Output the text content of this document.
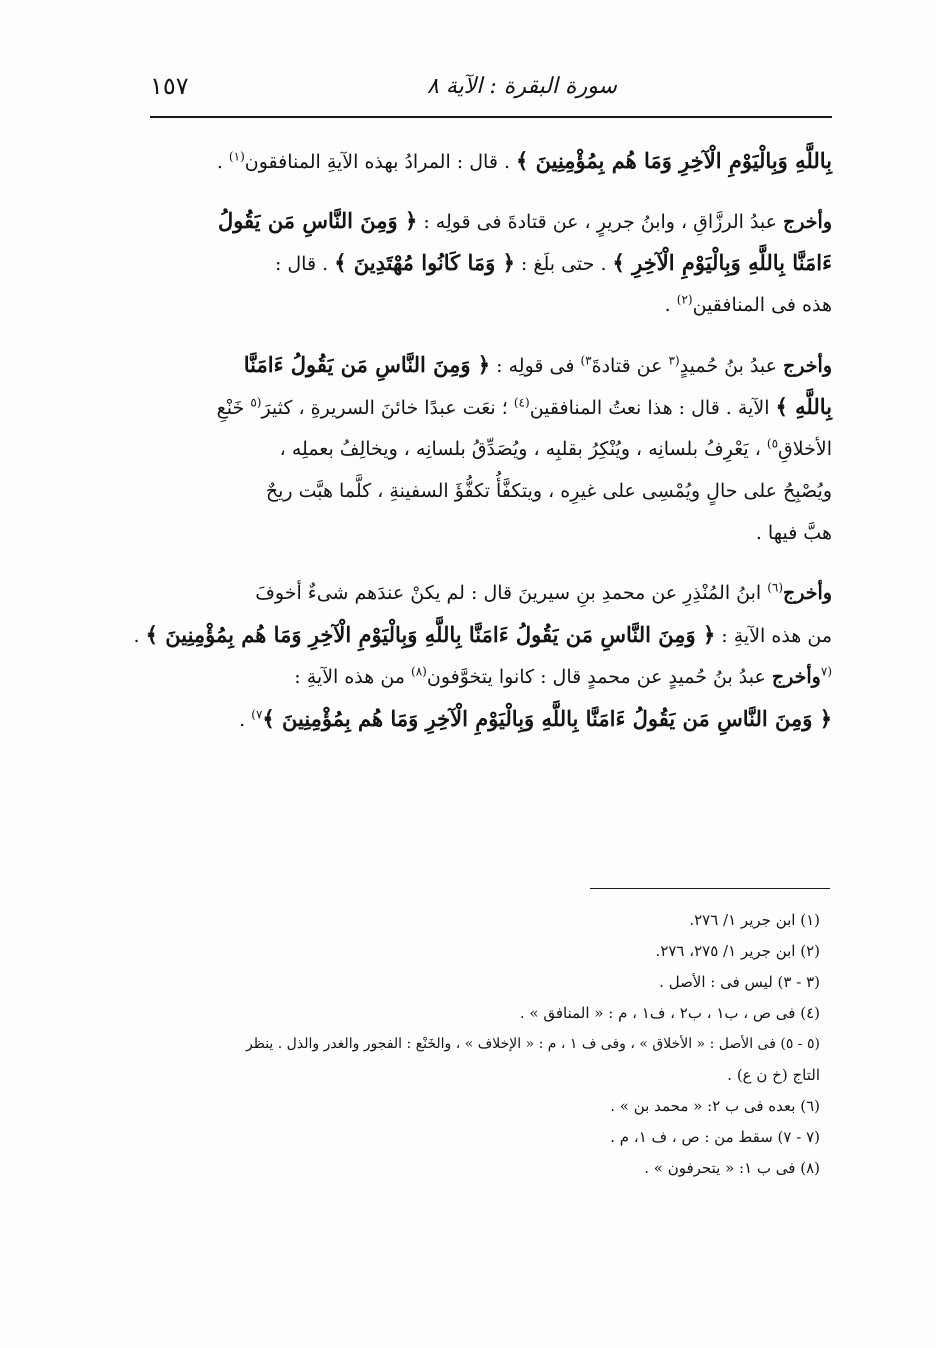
سورة البقرة : الآية ٨
١٥٧
بِاللَّهِ وَبِالْيَوْمِ الْآخِرِ وَمَا هُم بِمُؤْمِنِينَ ﴾ . قال : المرادُ بهذه الآيةِ المنافقون$^{(١)}$ .
وأخرج عبدُ الرزَّاقِ ، وابنُ جريرٍ ، عن قتادةَ فى قولِه : ﴿ وَمِنَ النَّاسِ مَن يَقُولُ
ءَامَنَّا بِاللَّهِ وَبِالْيَوْمِ الْآخِرِ ﴾ . حتى بلَغ : ﴿ وَمَا كَانُوا مُهْتَدِينَ ﴾ . قال :
هذه فى المنافقين$^{(٢)}$ .
وأخرج عبدُ بنُ حُميدٍ$^{(٣}$ عن قتادةَ$^{٣)}$ فى قولِه : ﴿ وَمِنَ النَّاسِ مَن يَقُولُ ءَامَنَّا
بِاللَّهِ ﴾ الآية . قال : هذا نعتُ المنافقين$^{(٤)}$ ؛ نعَت عبدًا خائنَ السريرةِ ، كثيرَ$^{(٥}$ خَنْعِ
الأخلاقِ$^{٥)}$ ، يَعْرِفُ بلسانِه ، ويُنْكِرُ بقلبِه ، ويُصَدِّقُ بلسانِه ، ويخالِفُ بعملِه ،
ويُصْبِحُ على حالٍ ويُمْسِى على غيرِه ، ويتكفَّأُ تكفُّؤَ السفينةِ ، كلَّما هبَّت ريحٌ
هبَّ فيها .
وأخرج$^{(٦)}$ ابنُ المُنْذِرِ عن محمدِ بنِ سيرينَ قال : لم يكنْ عندَهم شىءٌ أخوفَ
من هذه الآيةِ : ﴿ وَمِنَ النَّاسِ مَن يَقُولُ ءَامَنَّا بِاللَّهِ وَبِالْيَوْمِ الْآخِرِ وَمَا هُم بِمُؤْمِنِينَ ﴾ .
$^{(٧}$وأخرج عبدُ بنُ حُميدٍ عن محمدٍ قال : كانوا يتخوَّفون$^{(٨)}$ من هذه الآيةِ :
﴿ وَمِنَ النَّاسِ مَن يَقُولُ ءَامَنَّا بِاللَّهِ وَبِالْيَوْمِ الْآخِرِ وَمَا هُم بِمُؤْمِنِينَ ﴾$^{٧)}$ .
(١) ابن جرير ١/ ٢٧٦.
(٢) ابن جرير ١/ ٢٧٥، ٢٧٦.
(٣ - ٣) ليس فى : الأصل .
(٤) فى ص ، ب١ ، ب٢ ، ف١ ، م : « المنافق » .
(٥ - ٥) فى الأصل : « الأخلاق » ، وفى ف ١ ، م : « الإخلاف » ، والخَنْع : الفجور والغدر والذل . ينظر
التاج (خ ن ع) .
(٦) بعده فى ب ٢: « محمد بن » .
(٧ - ٧) سقط من : ص ، ف ١، م .
(٨) فى ب ١: « يتحرفون » .
